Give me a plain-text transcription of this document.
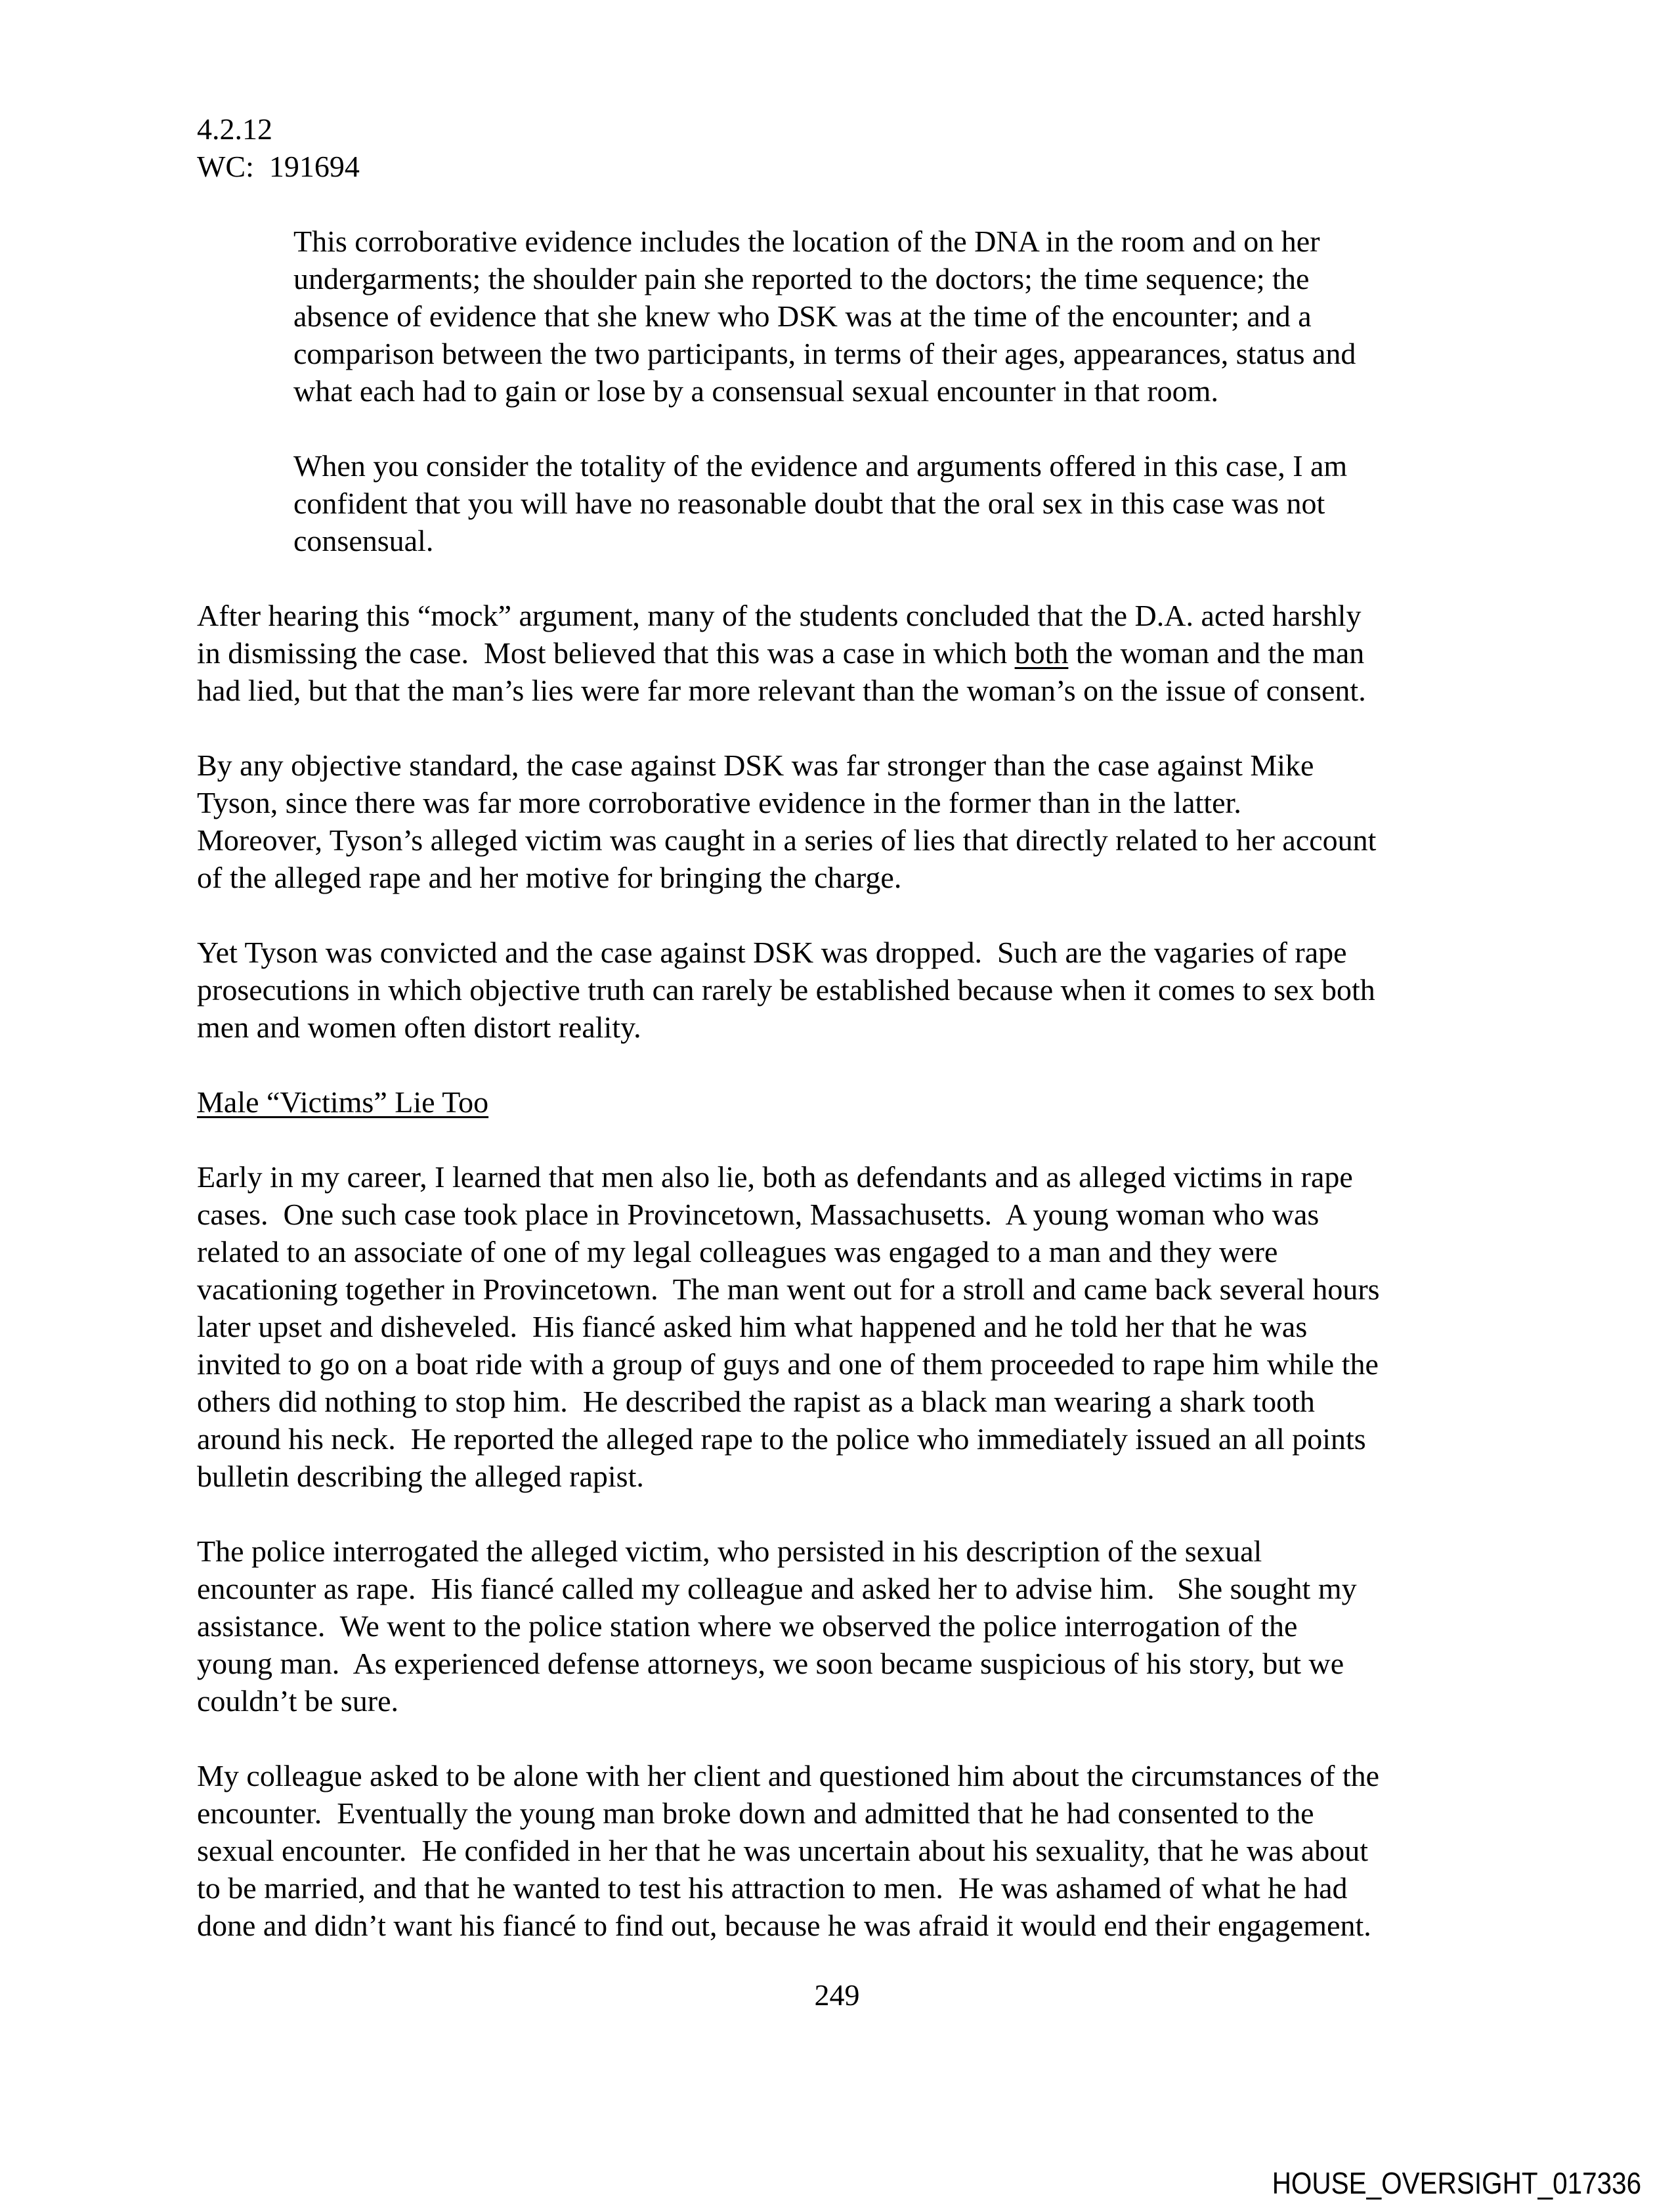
4.2.12
WC:  191694

This corroborative evidence includes the location of the DNA in the room and on her
undergarments; the shoulder pain she reported to the doctors; the time sequence; the
absence of evidence that she knew who DSK was at the time of the encounter; and a
comparison between the two participants, in terms of their ages, appearances, status and
what each had to gain or lose by a consensual sexual encounter in that room.

When you consider the totality of the evidence and arguments offered in this case, I am
confident that you will have no reasonable doubt that the oral sex in this case was not
consensual.

After hearing this “mock” argument, many of the students concluded that the D.A. acted harshly
in dismissing the case.  Most believed that this was a case in which both the woman and the man
had lied, but that the man’s lies were far more relevant than the woman’s on the issue of consent.

By any objective standard, the case against DSK was far stronger than the case against Mike
Tyson, since there was far more corroborative evidence in the former than in the latter.
Moreover, Tyson’s alleged victim was caught in a series of lies that directly related to her account
of the alleged rape and her motive for bringing the charge.

Yet Tyson was convicted and the case against DSK was dropped.  Such are the vagaries of rape
prosecutions in which objective truth can rarely be established because when it comes to sex both
men and women often distort reality.

Male “Victims” Lie Too

Early in my career, I learned that men also lie, both as defendants and as alleged victims in rape
cases.  One such case took place in Provincetown, Massachusetts.  A young woman who was
related to an associate of one of my legal colleagues was engaged to a man and they were
vacationing together in Provincetown.  The man went out for a stroll and came back several hours
later upset and disheveled.  His fiancé asked him what happened and he told her that he was
invited to go on a boat ride with a group of guys and one of them proceeded to rape him while the
others did nothing to stop him.  He described the rapist as a black man wearing a shark tooth
around his neck.  He reported the alleged rape to the police who immediately issued an all points
bulletin describing the alleged rapist.

The police interrogated the alleged victim, who persisted in his description of the sexual
encounter as rape.  His fiancé called my colleague and asked her to advise him.   She sought my
assistance.  We went to the police station where we observed the police interrogation of the
young man.  As experienced defense attorneys, we soon became suspicious of his story, but we
couldn’t be sure.

My colleague asked to be alone with her client and questioned him about the circumstances of the
encounter.  Eventually the young man broke down and admitted that he had consented to the
sexual encounter.  He confided in her that he was uncertain about his sexuality, that he was about
to be married, and that he wanted to test his attraction to men.  He was ashamed of what he had
done and didn’t want his fiancé to find out, because he was afraid it would end their engagement.

249
HOUSE_OVERSIGHT_017336
